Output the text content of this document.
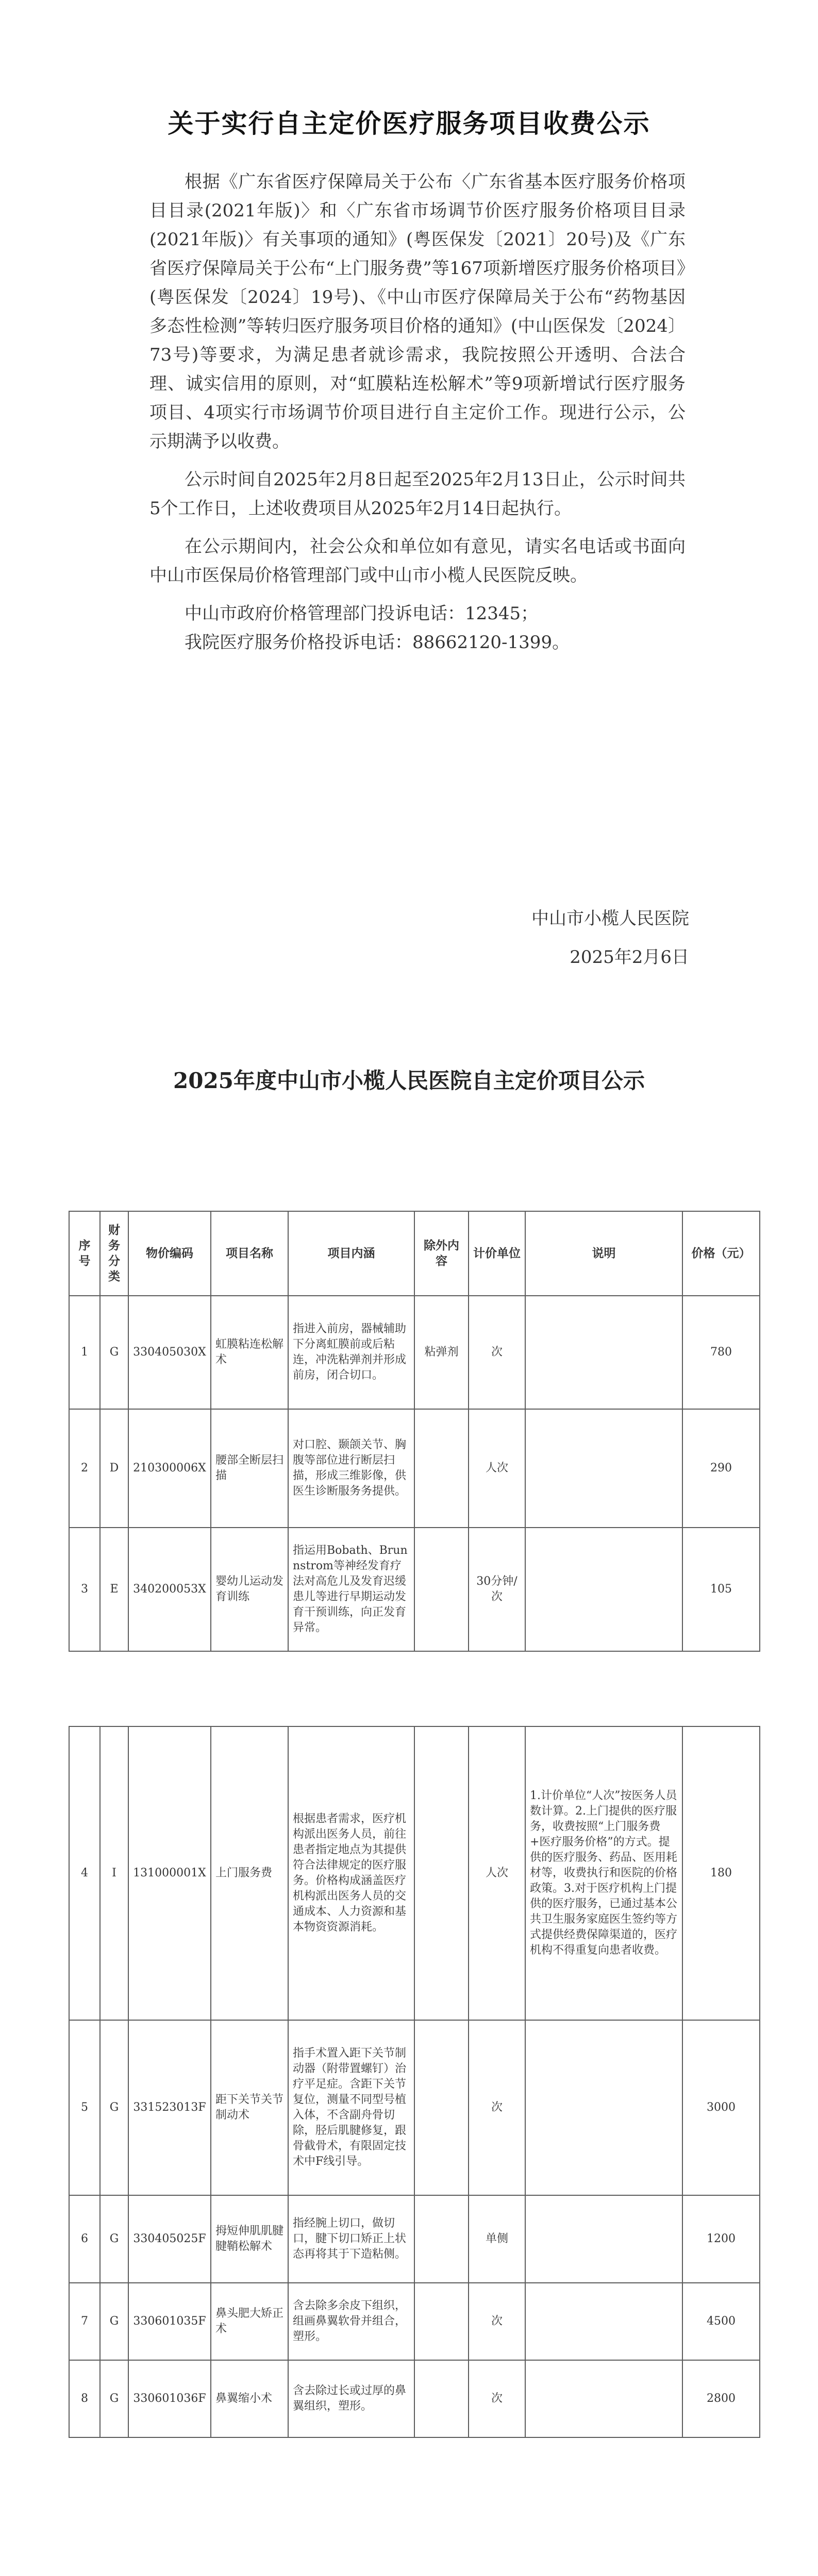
关于实行自主定价医疗服务项目收费公示

根据《广东省医疗保障局关于公布〈广东省基本医疗服务价格项目目录(2021年版)〉和〈广东省市场调节价医疗服务价格项目目录(2021年版)〉有关事项的通知》(粤医保发〔2021〕20号)及《广东省医疗保障局关于公布“上门服务费”等167项新增医疗服务价格项目》(粤医保发〔2024〕19号)、《中山市医疗保障局关于公布“药物基因多态性检测”等转归医疗服务项目价格的通知》(中山医保发〔2024〕73号)等要求，为满足患者就诊需求，我院按照公开透明、合法合理、诚实信用的原则，对“虹膜粘连松解术”等9项新增试行医疗服务项目、4项实行市场调节价项目进行自主定价工作。现进行公示，公示期满予以收费。

公示时间自2025年2月8日起至2025年2月13日止，公示时间共5个工作日，上述收费项目从2025年2月14日起执行。

在公示期间内，社会公众和单位如有意见，请实名电话或书面向中山市医保局价格管理部门或中山市小榄人民医院反映。

中山市政府价格管理部门投诉电话：12345；

我院医疗服务价格投诉电话：88662120-1399。

中山市小榄人民医院
2025年2月6日
2025年度中山市小榄人民医院自主定价项目公示
序号	财务分类	物价编码	项目名称	项目内涵	除外内容	计价单位	说明	价格（元）
1	G	330405030X	虹膜粘连松解术	指进入前房，器械辅助下分离虹膜前或后粘连，冲洗粘弹剂并形成前房，闭合切口。	粘弹剂	次		780
2	D	210300006X	腰部全断层扫描	对口腔、颞颌关节、胸腹等部位进行断层扫描，形成三维影像，供医生诊断服务务提供。		人次		290
3	E	340200053X	婴幼儿运动发育训练	指运用Bobath、Brunnstrom等神经发育疗法对高危儿及发育迟缓患儿等进行早期运动发育干预训练，向正发育异常。		30分钟/次		105
4	I	131000001X	上门服务费	根据患者需求，医疗机构派出医务人员，前往患者指定地点为其提供符合法律规定的医疗服务。价格构成涵盖医疗机构派出医务人员的交通成本、人力资源和基本物资资源消耗。		人次	1.计价单位“人次”按医务人员数计算。2.上门提供的医疗服务，收费按照“上门服务费+医疗服务价格”的方式。提供的医疗服务、药品、医用耗材等，收费执行和医院的价格政策。3.对于医疗机构上门提供的医疗服务，已通过基本公共卫生服务家庭医生签约等方式提供经费保障渠道的，医疗机构不得重复向患者收费。	180
5	G	331523013F	距下关节关节制动术	指手术置入距下关节制动器（附带置螺钉）治疗平足症。含距下关节复位，测量不同型号植入体，不含副舟骨切除，胫后肌腱修复，跟骨截骨术，有限固定技术中F线引导。		次		3000
6	G	330405025F	拇短伸肌肌腱腱鞘松解术	指经腕上切口，做切口，腱下切口矫正上状态再将其于下造粘侧。		单侧		1200
7	G	330601035F	鼻头肥大矫正术	含去除多余皮下组织，组画鼻翼软骨并组合，塑形。		次		4500
8	G	330601036F	鼻翼缩小术	含去除过长或过厚的鼻翼组织，塑形。		次		2800
